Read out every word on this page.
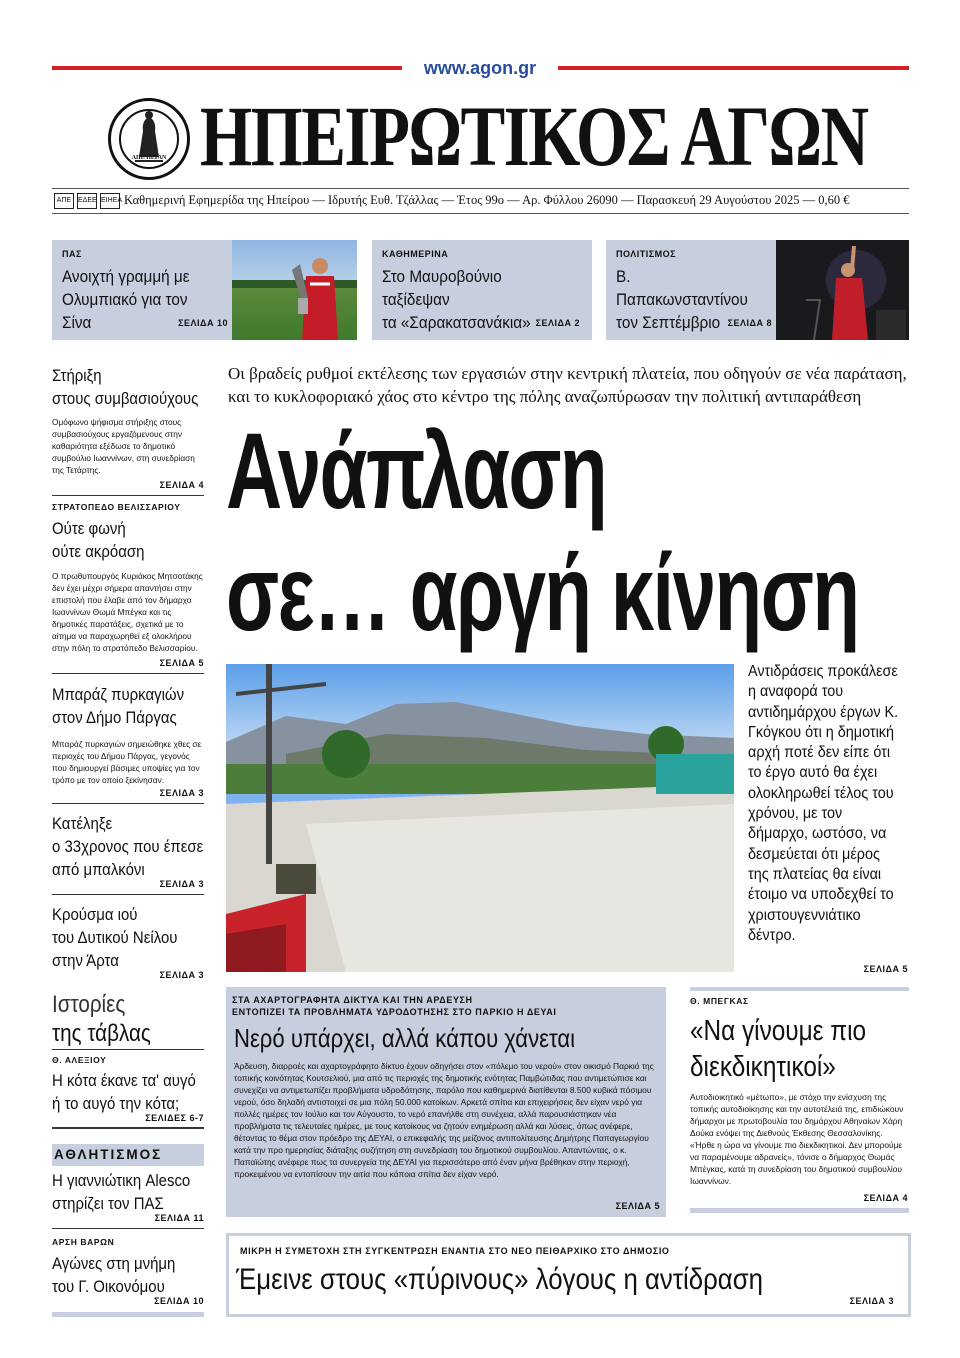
www.agon.gr
ΑΠΕ ΠΕΡΑΝ ΗΠΕΙΡΩΤΙΚΟΣ ΑΓΩΝ
ΑΠΕ ΕΔΕΕ ΕΙΗΕΑ Καθημερινή Εφημερίδα της Ηπείρου — Ιδρυτής Ευθ. Τζάλλας — Έτος 99ο — Αρ. Φύλλου 26090 — Παρασκευή 29 Αυγούστου 2025 — 0,60 €
ΠΑΣ
Ανοιχτή γραμμή με
Ολυμπιακό για τον Σίνα	ΣΕΛΙΔΑ 10
ΚΑΘΗΜΕΡΙΝΑ
Στο Μαυροβούνιο ταξίδεψαν
τα «Σαρακατσανάκια» ΣΕΛΙΔΑ 2
ΠΟΛΙΤΙΣΜΟΣ
Β. Παπακωνσταντίνου
τον Σεπτέμβριο ΣΕΛΙΔΑ 8
Στήριξη
στους συμβασιούχους
Ομόφωνο ψήφισμα στήριξης στους συμβασιούχους εργαζόμενους στην καθαριότητα εξέδωσε το δημοτικό συμβούλιο Ιωαννίνων, στη συνεδρίαση της Τετάρτης.
ΣΕΛΙΔΑ 4
ΣΤΡΑΤΟΠΕΔΟ ΒΕΛΙΣΣΑΡΙΟΥ
Ούτε φωνή
ούτε ακρόαση
Ο πρωθυπουργός Κυριάκος Μητσοτάκης δεν έχει μέχρι σήμερα απαντήσει στην επιστολή που έλαβε από τον δήμαρχο Ιωαννίνων Θωμά Μπέγκα και τις δημοτικές παρατάξεις, σχετικά με το αίτημα να παραχωρηθεί εξ ολοκλήρου στην πόλη το στρατόπεδο Βελισσαρίου.
ΣΕΛΙΔΑ 5
Μπαράζ πυρκαγιών
στον Δήμο Πάργας
Μπαράζ πυρκαγιών σημειώθηκε χθες σε περιοχές του Δήμου Πάργας, γεγονός που δημιουργεί βάσιμες υποψίες για τον τρόπο με τον οποίο ξεκίνησαν.
ΣΕΛΙΔΑ 3
Κατέληξε
ο 33χρονος που έπεσε
από μπαλκόνι
ΣΕΛΙΔΑ 3
Κρούσμα ιού
του Δυτικού Νείλου
στην Άρτα
ΣΕΛΙΔΑ 3
Ιστορίες
της τάβλας
Θ. ΑΛΕΞΙΟΥ
Η κότα έκανε τα' αυγό
ή το αυγό την κότα;
ΣΕΛΙΔΕΣ 6-7
ΑΘΛΗΤΙΣΜΟΣ
Η γιαννιώτικη Alesco
στηρίζει τον ΠΑΣ
ΣΕΛΙΔΑ 11
ΑΡΣΗ ΒΑΡΩΝ
Αγώνες στη μνήμη
του Γ. Οικονόμου
ΣΕΛΙΔΑ 10
Οι βραδείς ρυθμοί εκτέλεσης των εργασιών στην κεντρική πλατεία, που οδηγούν σε νέα παράταση,
και το κυκλοφοριακό χάος στο κέντρο της πόλης αναζωπύρωσαν την πολιτική αντιπαράθεση
Ανάπλαση
σε… αργή κίνηση
Αντιδράσεις προκάλεσε η αναφορά του αντιδημάρχου έργων Κ. Γκόγκου ότι η δημοτική αρχή ποτέ δεν είπε ότι το έργο αυτό θα έχει ολοκληρωθεί τέλος του χρόνου, με τον δήμαρχο, ωστόσο, να δεσμεύεται ότι μέρος της πλατείας θα είναι έτοιμο να υποδεχθεί το χριστουγεννιάτικο δέντρο.
ΣΕΛΙΔΑ 5
ΣΤΑ ΑΧΑΡΤΟΓΡΑΦΗΤΑ ΔΙΚΤΥΑ ΚΑΙ ΤΗΝ ΑΡΔΕΥΣΗ
ΕΝΤΟΠΙΖΕΙ ΤΑ ΠΡΟΒΛΗΜΑΤΑ ΥΔΡΟΔΟΤΗΣΗΣ ΣΤΟ ΠΑΡΚΙΟ Η ΔΕΥΑΙ
Νερό υπάρχει, αλλά κάπου χάνεται
Άρδευση, διαρροές και αχαρτογράφητο δίκτυο έχουν οδηγήσει στον «πόλεμο του νερού» στον οικισμό Παρκιό της τοπικής κοινότητας Κουτσελιού, μια από τις περιοχές της δημοτικής ενότητας Παμβώτιδας που αντιμετώπισε και συνεχίζει να αντιμετωπίζει προβλήματα υδροδότησης, παρόλο που καθημερινά διατίθενται 8.500 κυβικά πόσιμου νερού, όσο δηλαδή αντιστοιχεί σε μια πόλη 50.000 κατοίκων. Αρκετά σπίτια και επιχειρήσεις δεν είχαν νερό για πολλές ημέρες τον Ιούλιο και τον Αύγουστο, το νερό επανήλθε στη συνέχεια, αλλά παρουσιάστηκαν νέα προβλήματα τις τελευταίες ημέρες, με τους κατοίκους να ζητούν ενημέρωση αλλά και λύσεις, όπως ανέφερε, θέτοντας το θέμα στον πρόεδρο της ΔΕΥΑΙ, ο επικεφαλής της μείζονος αντιπολίτευσης Δημήτρης Παπαγεωργίου κατά την προ ημερησίας διάταξης συζήτηση στη συνεδρίαση του δημοτικού συμβουλίου. Απαντώντας, ο κ. Παπαϊώτης ανέφερε πως τα συνεργεία της ΔΕΥΑΙ για περισσότερο από έναν μήνα βρέθηκαν στην περιοχή, προκειμένου να εντοπίσουν την αιτία που κάποια σπίτια δεν είχαν νερό.
ΣΕΛΙΔΑ 5
Θ. ΜΠΕΓΚΑΣ
«Να γίνουμε πιο
διεκδικητικοί»
Αυτοδιοικητικό «μέτωπο», με στόχο την ενίσχυση της τοπικής αυτοδιοίκησης και την αυτοτέλειά της, επιδιώκουν δήμαρχοι με πρωτοβουλία του δημάρχου Αθηναίων Χάρη Δούκα ενόψει της Διεθνούς Έκθεσης Θεσσαλονίκης. «Ήρθε η ώρα να γίνουμε πιο διεκδικητικοί. Δεν μπορούμε να παραμένουμε αδρανείς», τόνισε ο δήμαρχος Θωμάς Μπέγκας, κατά τη συνεδρίαση του δημοτικού συμβουλίου Ιωαννίνων.
ΣΕΛΙΔΑ 4
ΜΙΚΡΗ Η ΣΥΜΕΤΟΧΗ ΣΤΗ ΣΥΓΚΕΝΤΡΩΣΗ ΕΝΑΝΤΙΑ ΣΤΟ ΝΕΟ ΠΕΙΘΑΡΧΙΚΟ ΣΤΟ ΔΗΜΟΣΙΟ
Έμεινε στους «πύρινους» λόγους η αντίδραση
ΣΕΛΙΔΑ 3
